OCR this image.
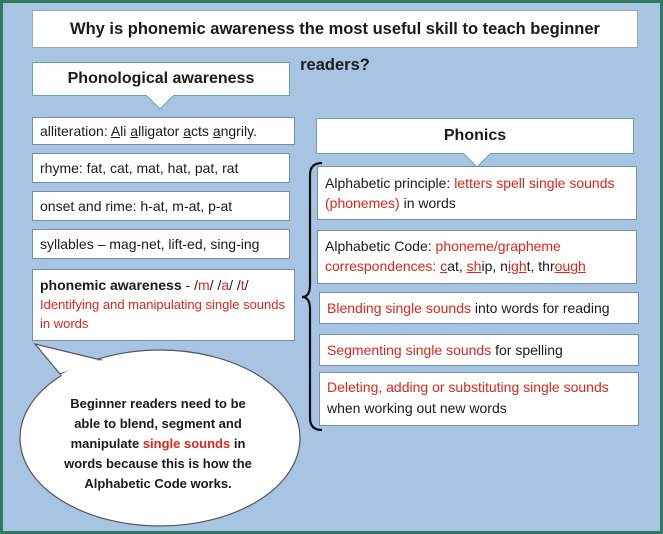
Why is phonemic awareness the most useful skill to teach beginner readers?
Phonological awareness
alliteration: Ali alligator acts angrily.
rhyme: fat, cat, mat, hat, pat, rat
onset and rime: h-at, m-at, p-at
syllables – mag-net, lift-ed, sing-ing
phonemic awareness - /m/ /a/ /t/
Identifying and manipulating single sounds in words
Beginner readers need to be able to blend, segment and manipulate single sounds in words because this is how the Alphabetic Code works.
Phonics
Alphabetic principle: letters spell single sounds (phonemes) in words
Alphabetic Code: phoneme/grapheme correspondences: cat, ship, night, through
Blending single sounds into words for reading
Segmenting single sounds for spelling
Deleting, adding or substituting single sounds when working out new words
